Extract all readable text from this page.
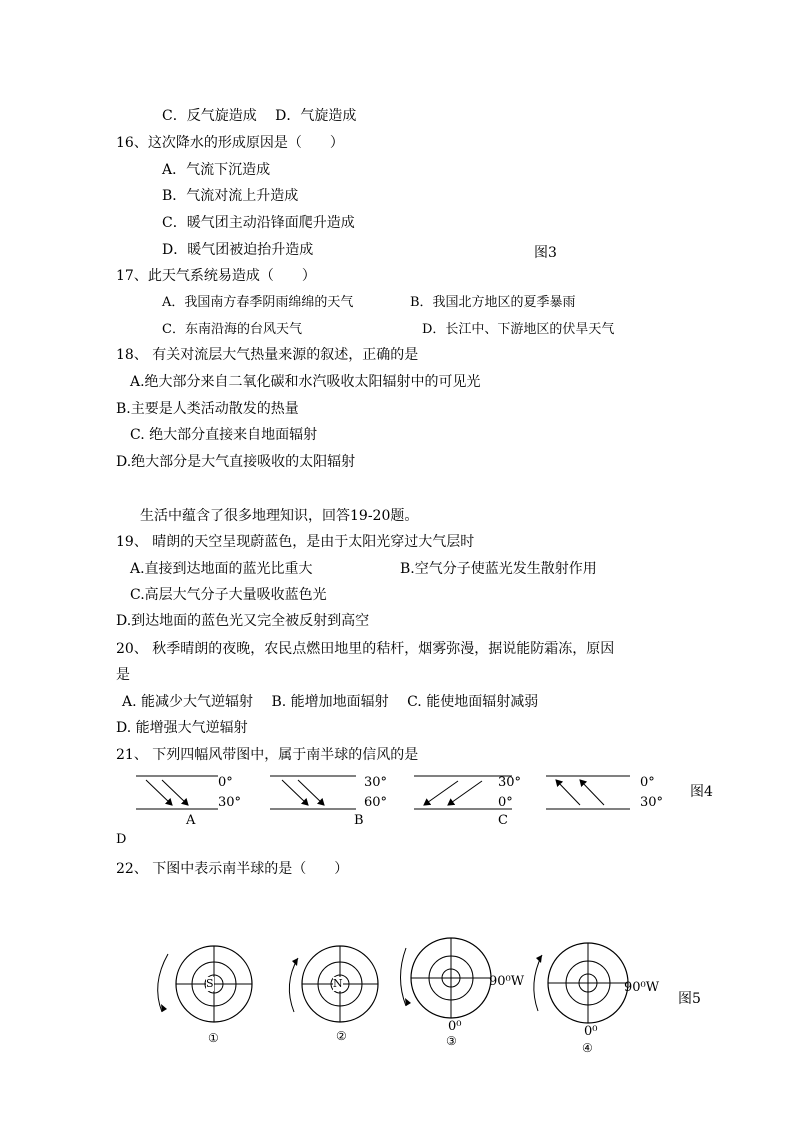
C．反气旋造成　 D．气旋造成
16、这次降水的形成原因是（　　）
A．气流下沉造成
B．气流对流上升造成
C．暖气团主动沿锋面爬升造成
D．暖气团被迫抬升造成	图3
17、此天气系统易造成（　　）
A．我国南方春季阴雨绵绵的天气	B．我国北方地区的夏季暴雨
C．东南沿海的台风天气	D．长江中、下游地区的伏旱天气
18、 有关对流层大气热量来源的叙述，正确的是
A.绝大部分来自二氧化碳和水汽吸收太阳辐射中的可见光
B.主要是人类活动散发的热量
C. 绝大部分直接来自地面辐射
D.绝大部分是大气直接吸收的太阳辐射
生活中蕴含了很多地理知识，回答19-20题。
19、 晴朗的天空呈现蔚蓝色，是由于太阳光穿过大气层时
A.直接到达地面的蓝光比重大	B.空气分子使蓝光发生散射作用
C.高层大气分子大量吸收蓝色光
D.到达地面的蓝色光又完全被反射到高空
20、 秋季晴朗的夜晚，农民点燃田地里的秸杆，烟雾弥漫，据说能防霜冻，原因
是
A. 能减少大气逆辐射 　B. 能增加地面辐射 　C. 能使地面辐射减弱
D. 能增强大气逆辐射
21、 下列四幅风带图中，属于南半球的信风的是
0°
30°
A
30°
60°
B
30°
0°
C
0°
30°
D
图4
22、 下图中表示南半球的是（　　）
S
①
N
②
90⁰W
0⁰
③
90⁰W
0⁰
④
图5
